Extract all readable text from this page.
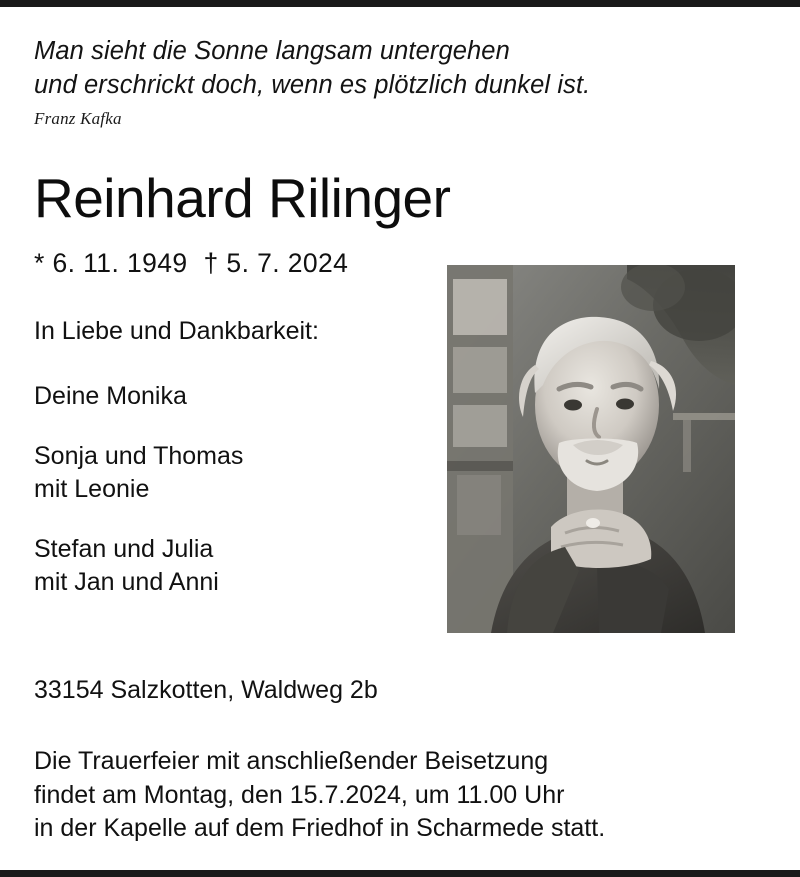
Man sieht die Sonne langsam untergehen
und erschrickt doch, wenn es plötzlich dunkel ist.
Franz Kafka
Reinhard Rilinger
* 6. 11. 1949 † 5. 7. 2024
In Liebe und Dankbarkeit:
Deine Monika
Sonja und Thomas
mit Leonie
Stefan und Julia
mit Jan und Anni
33154 Salzkotten, Waldweg 2b
Die Trauerfeier mit anschließender Beisetzung
findet am Montag, den 15.7.2024, um 11.00 Uhr
in der Kapelle auf dem Friedhof in Scharmede statt.
